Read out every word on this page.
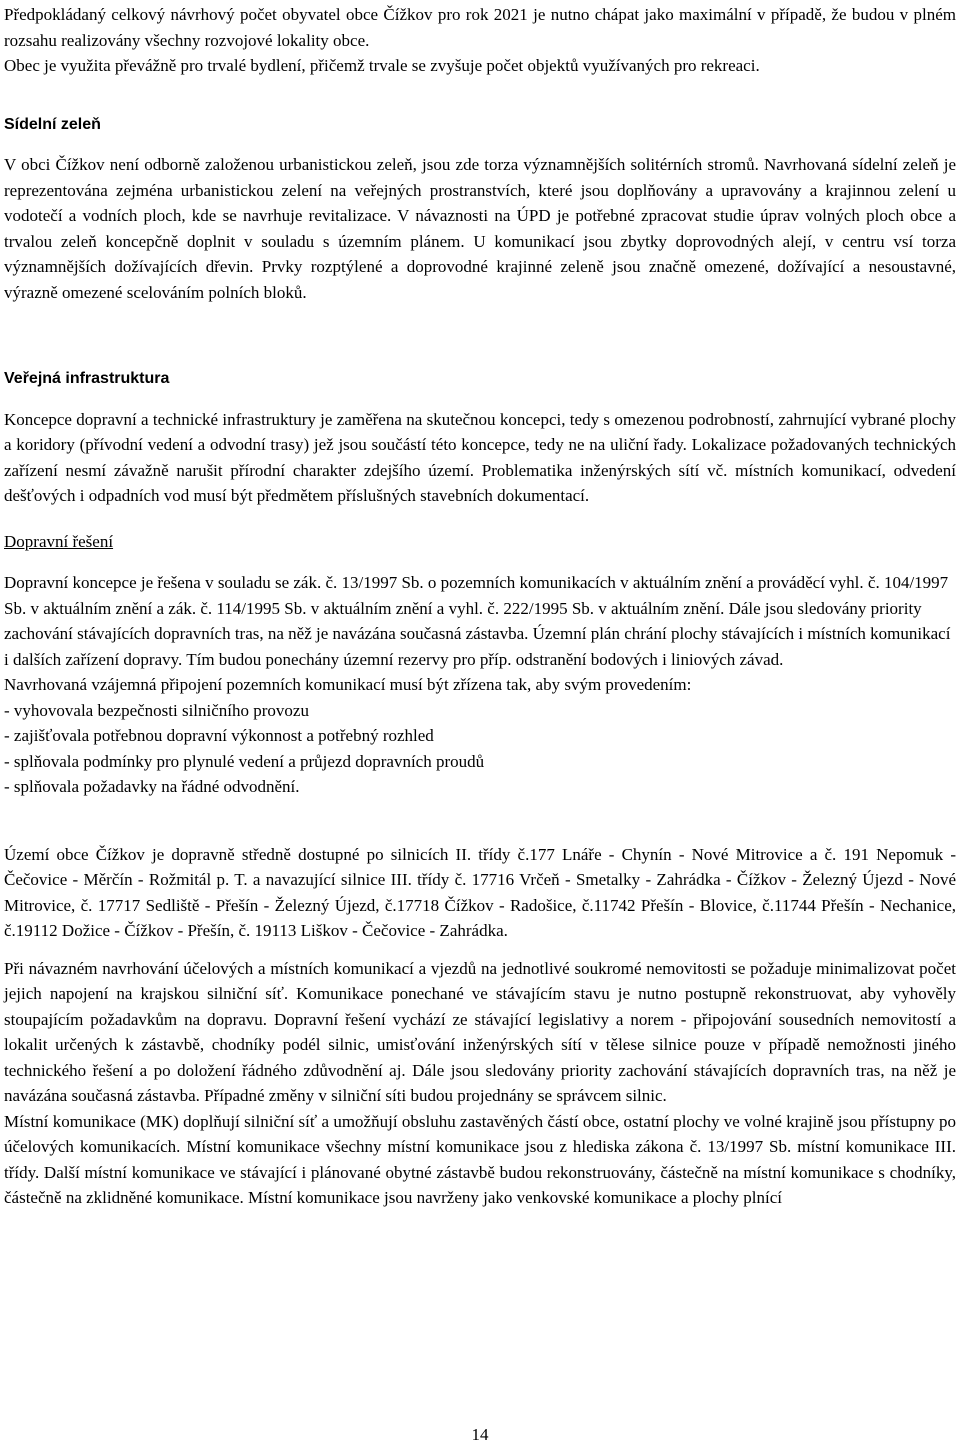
Předpokládaný celkový návrhový počet obyvatel obce Čížkov pro rok 2021 je nutno chápat jako maximální v případě, že budou v plném rozsahu realizovány všechny rozvojové lokality obce.

Obec je využita převážně pro trvalé bydlení, přičemž trvale se zvyšuje počet objektů využívaných pro rekreaci.

Sídelní zeleň

V obci Čížkov není odborně založenou urbanistickou zeleň, jsou zde torza významnějších solitérních stromů. Navrhovaná sídelní zeleň je reprezentována zejména urbanistickou zelení na veřejných prostranstvích, které jsou doplňovány a upravovány a krajinnou zelení u vodotečí a vodních ploch, kde se navrhuje revitalizace. V návaznosti na ÚPD je potřebné zpracovat studie úprav volných ploch obce a trvalou zeleň koncepčně doplnit v souladu s územním plánem. U komunikací jsou zbytky doprovodných alejí, v centru vsí torza významnějších dožívajících dřevin. Prvky rozptýlené a doprovodné krajinné zeleně jsou značně omezené, dožívající a nesoustavné, výrazně omezené scelováním polních bloků.

Veřejná infrastruktura

Koncepce dopravní a technické infrastruktury je zaměřena na skutečnou koncepci, tedy s omezenou podrobností, zahrnující vybrané plochy a koridory (přívodní vedení a odvodní trasy) jež jsou součástí této koncepce, tedy ne na uliční řady. Lokalizace požadovaných technických zařízení nesmí závažně narušit přírodní charakter zdejšího území. Problematika inženýrských sítí vč. místních komunikací, odvedení dešťových i odpadních vod musí být předmětem příslušných stavebních dokumentací.

Dopravní řešení

Dopravní koncepce je řešena v souladu se zák. č. 13/1997 Sb. o pozemních komunikacích v aktuálním znění a prováděcí vyhl. č. 104/1997 Sb. v aktuálním znění a zák. č. 114/1995 Sb. v aktuálním znění a vyhl. č. 222/1995 Sb. v aktuálním znění. Dále jsou sledovány priority zachování stávajících dopravních tras, na něž je navázána současná zástavba. Územní plán chrání plochy stávajících i místních komunikací i dalších zařízení dopravy. Tím budou ponechány územní rezervy pro příp. odstranění bodových i liniových závad.

Navrhovaná vzájemná připojení pozemních komunikací musí být zřízena tak, aby svým provedením:

- vyhovovala bezpečnosti silničního provozu
- zajišťovala potřebnou dopravní výkonnost a potřebný rozhled
- splňovala podmínky pro plynulé vedení a průjezd dopravních proudů
- splňovala požadavky na řádné odvodnění.

Území obce Čížkov je dopravně středně dostupné po silnicích II. třídy č.177 Lnáře - Chynín - Nové Mitrovice a č. 191 Nepomuk - Čečovice - Měrčín - Rožmitál p. T. a navazující silnice III. třídy č. 17716 Vrčeň - Smetalky - Zahrádka - Čížkov - Železný Újezd - Nové Mitrovice, č. 17717 Sedliště - Přešín - Železný Újezd, č.17718 Čížkov - Radošice, č.11742 Přešín - Blovice, č.11744 Přešín - Nechanice, č.19112 Dožice - Čížkov - Přešín, č. 19113 Liškov - Čečovice - Zahrádka.

Při návazném navrhování účelových a místních komunikací a vjezdů na jednotlivé soukromé nemovitosti se požaduje minimalizovat počet jejich napojení na krajskou silniční síť. Komunikace ponechané ve stávajícím stavu je nutno postupně rekonstruovat, aby vyhověly stoupajícím požadavkům na dopravu. Dopravní řešení vychází ze stávající legislativy a norem - připojování sousedních nemovitostí a lokalit určených k zástavbě, chodníky podél silnic, umisťování inženýrských sítí v tělese silnice pouze v případě nemožnosti jiného technického řešení a po doložení řádného zdůvodnění aj. Dále jsou sledovány priority zachování stávajících dopravních tras, na něž je navázána současná zástavba. Případné změny v silniční síti budou projednány se správcem silnic.

Místní komunikace (MK) doplňují silniční síť a umožňují obsluhu zastavěných částí obce, ostatní plochy ve volné krajině jsou přístupny po účelových komunikacích. Místní komunikace všechny místní komunikace jsou z hlediska zákona č. 13/1997 Sb. místní komunikace III. třídy. Další místní komunikace ve stávající i plánované obytné zástavbě budou rekonstruovány, částečně na místní komunikace s chodníky, částečně na zklidněné komunikace. Místní komunikace jsou navrženy jako venkovské komunikace a plochy plnící

14
